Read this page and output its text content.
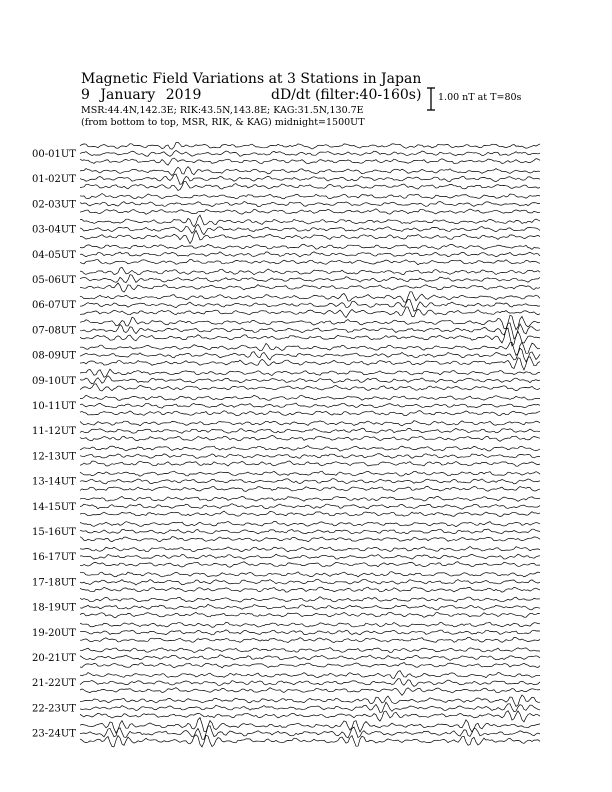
Magnetic Field Variations at 3 Stations in Japan
9 January 2019	dD/dt (filter:40-160s)
MSR:44.4N,142.3E; RIK:43.5N,143.8E; KAG:31.5N,130.7E
(from bottom to top, MSR, RIK, & KAG) midnight=1500UT
1.00 nT at T=80s
00-01UT
01-02UT
02-03UT
03-04UT
04-05UT
05-06UT
06-07UT
07-08UT
08-09UT
09-10UT
10-11UT
11-12UT
12-13UT
13-14UT
14-15UT
15-16UT
16-17UT
17-18UT
18-19UT
19-20UT
20-21UT
21-22UT
22-23UT
23-24UT
